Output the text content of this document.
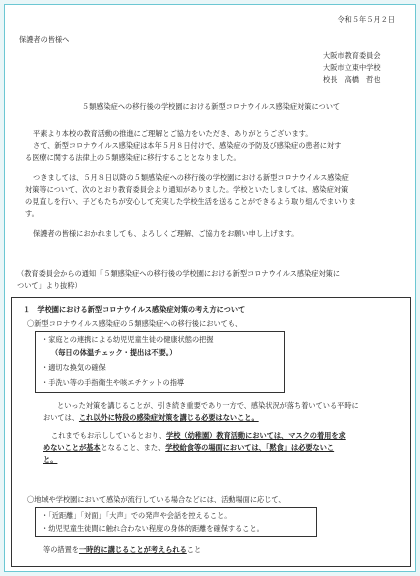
令和５年５月２日
保護者の皆様へ
大阪市教育委員会
大阪市立東中学校
校長　高橋　哲也
５類感染症への移行後の学校園における新型コロナウイルス感染症対策について
平素より本校の教育活動の推進にご理解とご協力をいただき、ありがとうございます。
さて、新型コロナウイルス感染症は本年５月８日付けで、感染症の予防及び感染症の患者に対す
る医療に関する法律上の５類感染症に移行することとなりました。
つきましては、５月８日以降の５類感染症への移行後の学校園における新型コロナウイルス感染症
対策等について、次のとおり教育委員会より通知がありました。学校といたしましては、感染症対策
の見直しを行い、子どもたちが安心して充実した学校生活を送ることができるよう取り組んでまいりま
す。
保護者の皆様におかれましても、よろしくご理解、ご協力をお願い申し上げます。
（教育委員会からの通知「５類感染症への移行後の学校園における新型コロナウイルス感染症対策に
ついて」より抜粋）
１　学校園における新型コロナウイルス感染症対策の考え方について
〇新型コロナウイルス感染症の５類感染症への移行後においても、
・家庭との連携による幼児児童生徒の健康状態の把握
（毎日の体温チェック・提出は不要。）
・適切な換気の確保
・手洗い等の手指衛生や咳エチケットの指導
といった対策を講じることが、引き続き重要であり一方で、感染状況が落ち着いている平時に
おいては、これ以外に特段の感染症対策を講じる必要はないこと。
これまでもお示ししているとおり、学校（幼稚園）教育活動においては、マスクの着用を求
めないことが基本となること、また、学校給食等の場面においては、「黙食」は必要ないこ
と。
〇地域や学校園において感染が流行している場合などには、活動場面に応じて、
・「近距離」「対面」「大声」での発声や会話を控えること。
・幼児児童生徒間に触れ合わない程度の身体的距離を確保すること。
等の措置を一時的に講じることが考えられること
